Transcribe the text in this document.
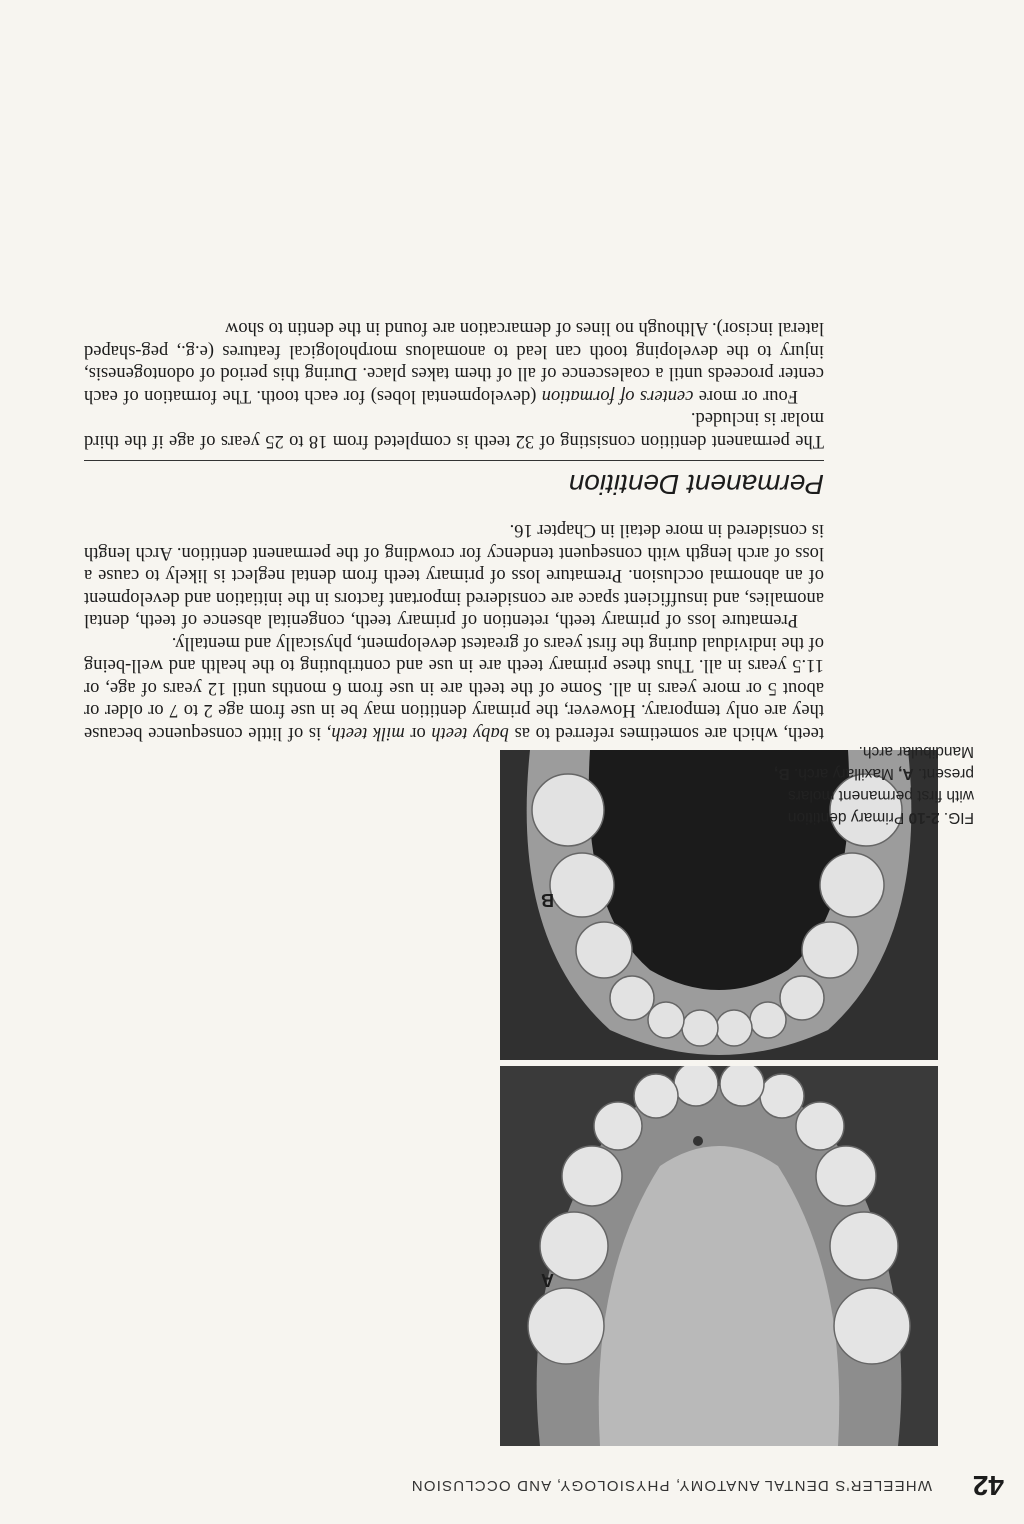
42
WHEELER'S DENTAL ANATOMY, PHYSIOLOGY, AND OCCLUSION
A
B
FIG. 2-10 Primary dentition with first permanent molars present. A, Maxillary arch. B, Mandibular arch.

teeth, which are sometimes referred to as baby teeth or milk teeth, is of little consequence because they are only temporary. However, the primary dentition may be in use from age 2 to 7 or older or about 5 or more years in all. Some of the teeth are in use from 6 months until 12 years of age, or 11.5 years in all. Thus these primary teeth are in use and contributing to the health and well-being of the individual during the first years of greatest development, physically and mentally.

Premature loss of primary teeth, retention of primary teeth, congenital absence of teeth, dental anomalies, and insufficient space are considered important factors in the initiation and development of an abnormal occlusion. Premature loss of primary teeth from dental neglect is likely to cause a loss of arch length with consequent tendency for crowding of the permanent dentition. Arch length is considered in more detail in Chapter 16.

Permanent Dentition

The permanent dentition consisting of 32 teeth is completed from 18 to 25 years of age if the third molar is included.

Four or more centers of formation (developmental lobes) for each tooth. The formation of each center proceeds until a coalescence of all of them takes place. During this period of odontogenesis, injury to the developing tooth can lead to anomalous morphological features (e.g., peg-shaped lateral incisor). Although no lines of demarcation are found in the dentin to show
